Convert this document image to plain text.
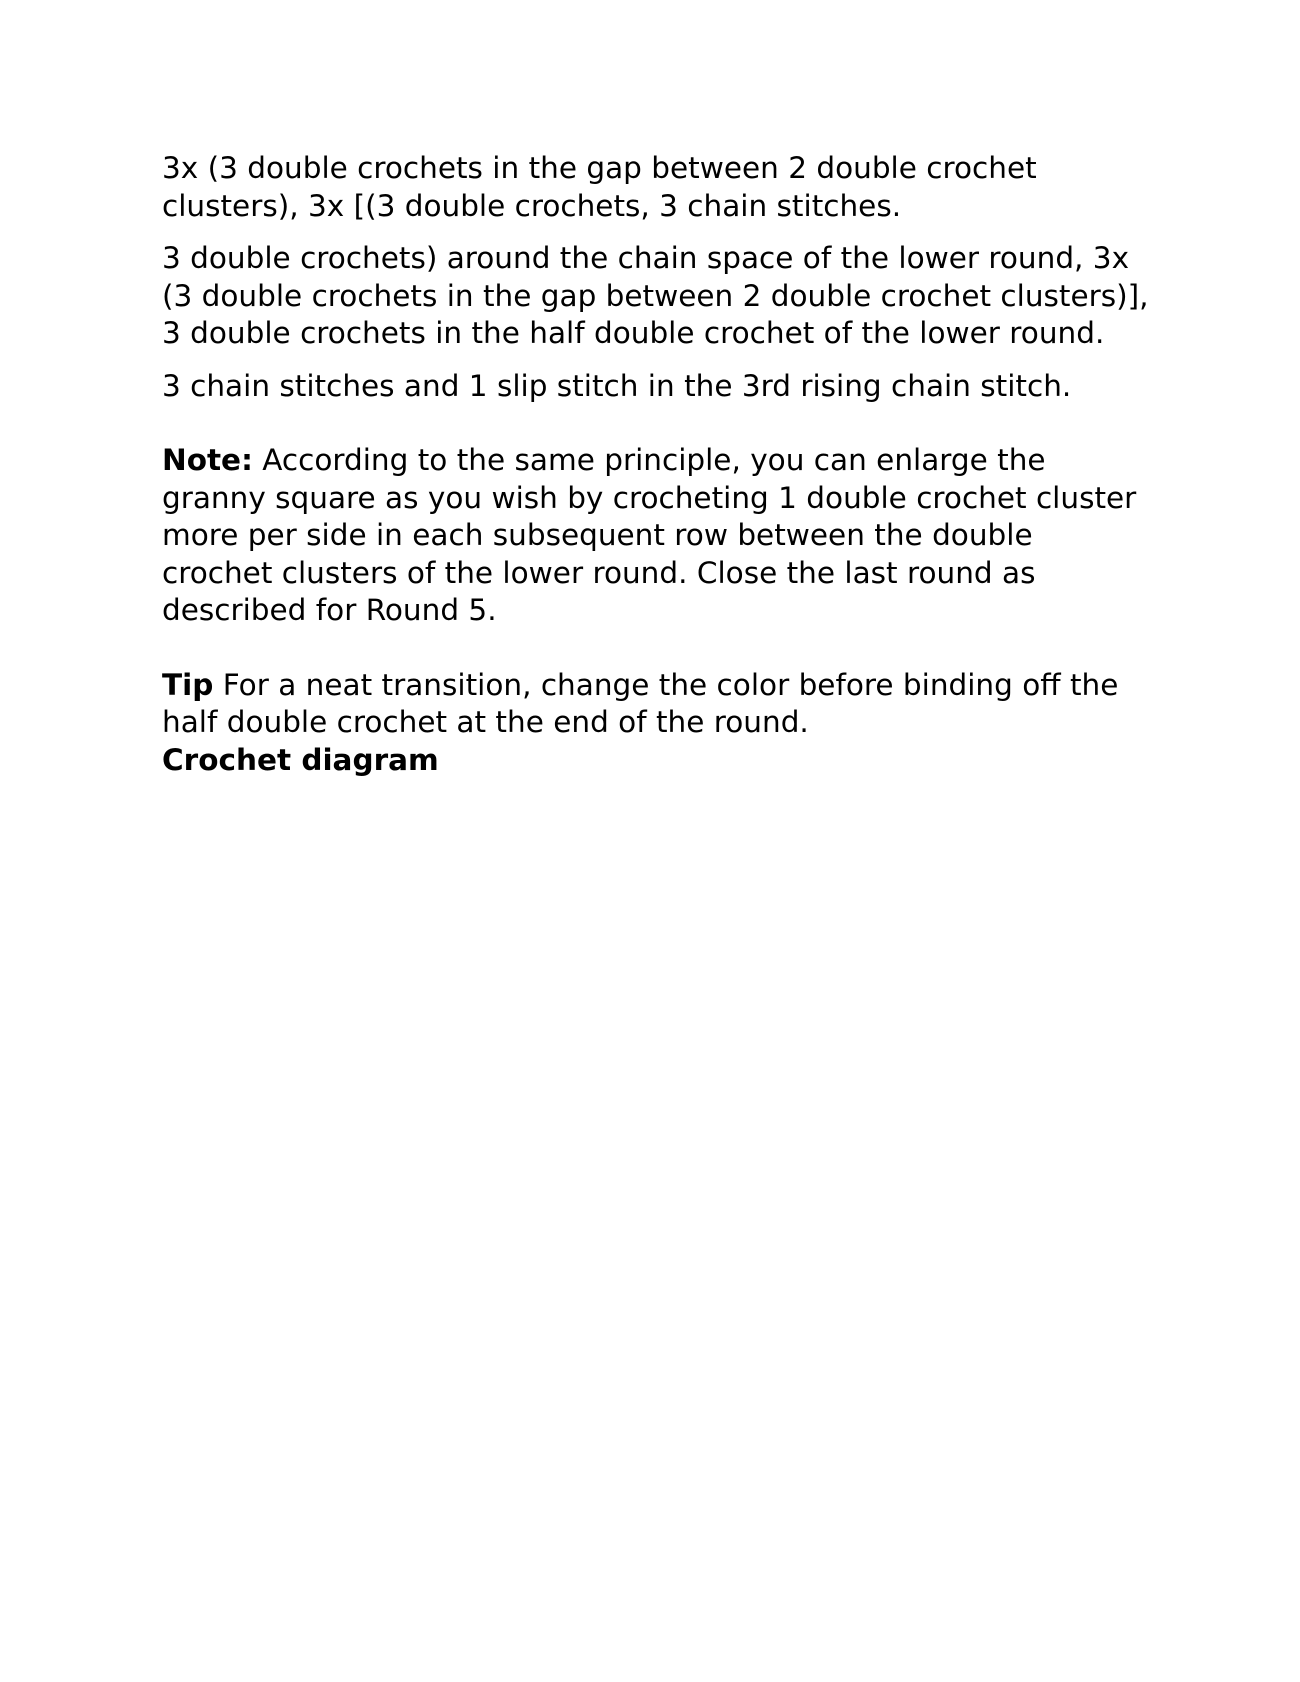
3x (3 double crochets in the gap between 2 double crochet clusters), 3x [(3 double crochets, 3 chain stitches.

3 double crochets) around the chain space of the lower round, 3x (3 double crochets in the gap between 2 double crochet clusters)], 3 double crochets in the half double crochet of the lower round.

3 chain stitches and 1 slip stitch in the 3rd rising chain stitch.

Note: According to the same principle, you can enlarge the granny square as you wish by crocheting 1 double crochet cluster more per side in each subsequent row between the double crochet clusters of the lower round. Close the last round as described for Round 5.

Tip For a neat transition, change the color before binding off the half double crochet at the end of the round.

Crochet diagram
